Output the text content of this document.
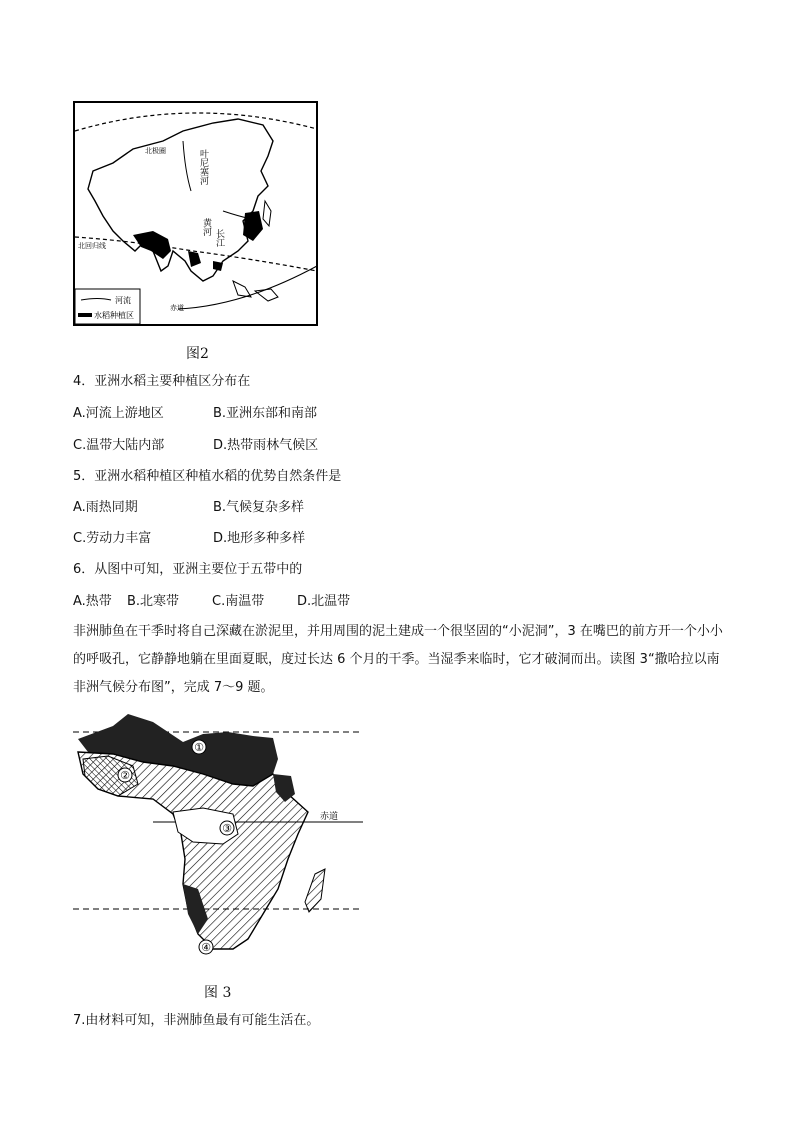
河流
水稻种植区
北极圈	叶尼塞河
黄河
长江
北回归线
赤道
图2
4．亚洲水稻主要种植区分布在
A.河流上游地区	B.亚洲东部和南部
C.温带大陆内部	D.热带雨林气候区
5．亚洲水稻种植区种植水稻的优势自然条件是
A.雨热同期	B.气候复杂多样
C.劳动力丰富	D.地形多种多样
6．从图中可知，亚洲主要位于五带中的
A.热带 B.北寒带	C.南温带	D.北温带
非洲肺鱼在干季时将自己深藏在淤泥里，并用周围的泥土建成一个很坚固的“小泥洞”，3 在嘴巴的前方开一个小小的呼吸孔，它静静地躺在里面夏眠，度过长达 6 个月的干季。当湿季来临时，它才破洞而出。读图 3“撒哈拉以南非洲气候分布图”，完成 7～9 题。
①
②
③
④
赤道
图 3
7.由材料可知，非洲肺鱼最有可能生活在。
